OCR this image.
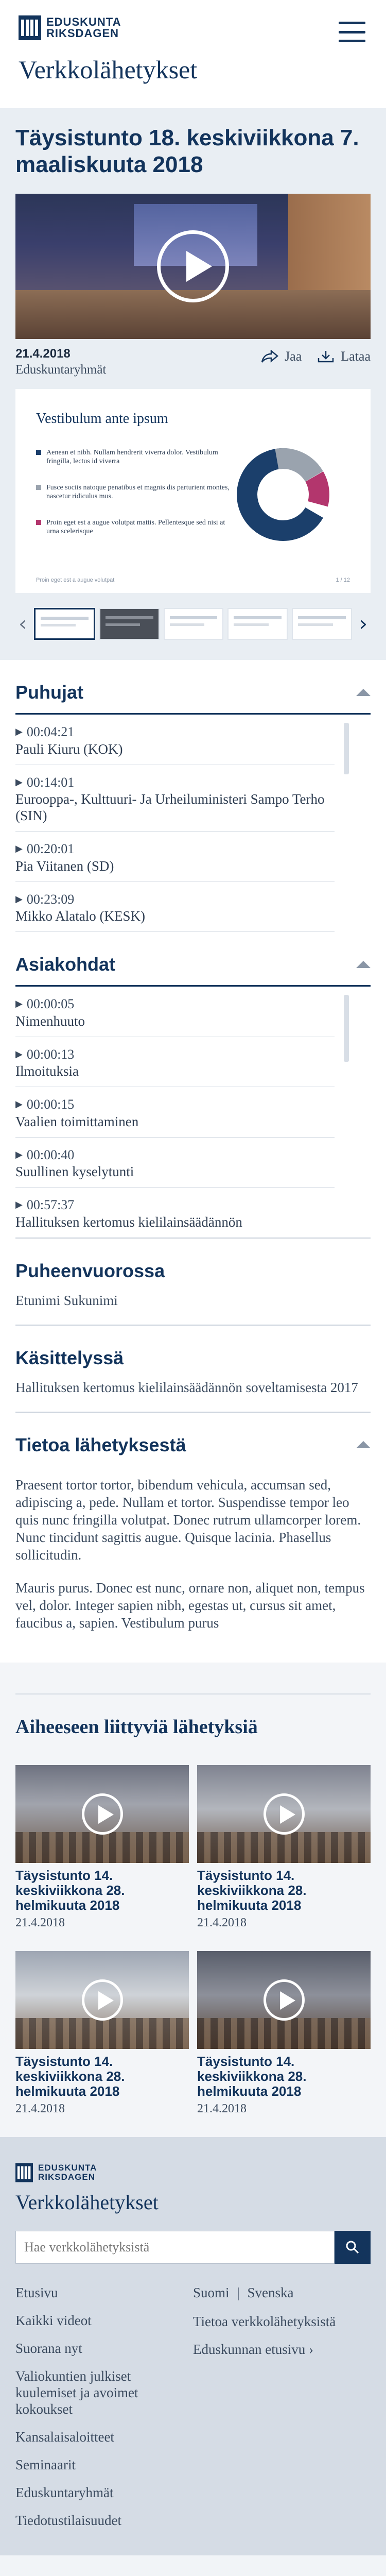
EDUSKUNTA
RIKSDAGEN
Verkkolähetykset
Täysistunto 18. keskiviikkona 7. maaliskuuta 2018
21.4.2018
Eduskuntaryhmät
Jaa	Lataa
Vestibulum ante ipsum
Aenean et nibh. Nullam hendrerit viverra dolor. Vestibulum fringilla, lectus id viverra
Fusce sociis natoque penatibus et magnis dis parturient montes, nascetur ridiculus mus.
Proin eget est a augue volutpat mattis. Pellentesque sed nisi at urna scelerisque
Proin eget est a augue volutpat	1 / 12
‹	›
Puhujat
▶ 00:04:21
Pauli Kiuru (KOK)
▶ 00:14:01
Eurooppa-, Kulttuuri- Ja Urheiluministeri Sampo Terho (SIN)
▶ 00:20:01
Pia Viitanen (SD)
▶ 00:23:09
Mikko Alatalo (KESK)
Asiakohdat
▶ 00:00:05
Nimenhuuto
▶ 00:00:13
Ilmoituksia
▶ 00:00:15
Vaalien toimittaminen
▶ 00:00:40
Suullinen kyselytunti
▶ 00:57:37
Hallituksen kertomus kielilainsäädännön
Puheenvuorossa

Etunimi Sukunimi

Käsittelyssä

Hallituksen kertomus kielilainsäädännön soveltamisesta 2017

Tietoa lähetyksestä

Praesent tortor tortor, bibendum vehicula, accumsan sed, adipiscing a, pede. Nullam et tortor. Suspendisse tempor leo quis nunc fringilla volutpat. Donec rutrum ullamcorper lorem. Nunc tincidunt sagittis augue. Quisque lacinia. Phasellus sollicitudin.

Mauris purus. Donec est nunc, ornare non, aliquet non, tempus vel, dolor. Integer sapien nibh, egestas ut, cursus sit amet, faucibus a, sapien. Vestibulum purus

Aiheeseen liittyviä lähetyksiä
Täysistunto 14. keskiviikkona 28. helmikuuta 2018
21.4.2018
Täysistunto 14. keskiviikkona 28. helmikuuta 2018
21.4.2018
Täysistunto 14. keskiviikkona 28. helmikuuta 2018
21.4.2018
Täysistunto 14. keskiviikkona 28. helmikuuta 2018
21.4.2018
EDUSKUNTA
RIKSDAGEN
Verkkolähetykset
Hae verkkolähetyksistä
Etusivu
Kaikki videot
Suorana nyt
Valiokuntien julkiset kuulemiset ja avoimet kokoukset
Kansalaisaloitteet
Seminaarit
Eduskuntaryhmät
Tiedotustilaisuudet
Suomi | Svenska
Tietoa verkkolähetyksistä
Eduskunnan etusivu ›
